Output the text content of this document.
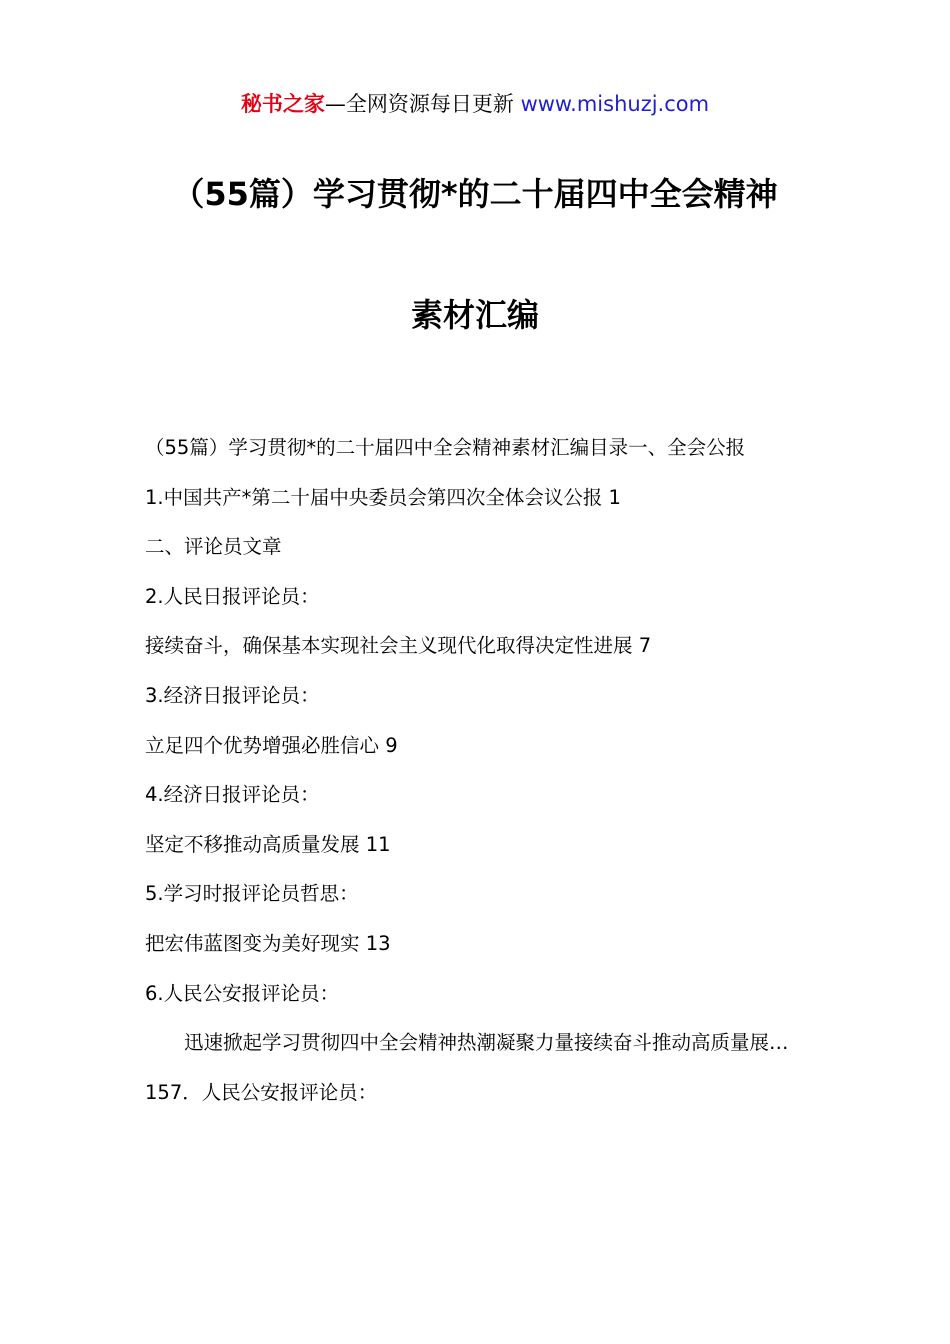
秘书之家—全网资源每日更新 www.mishuzj.com
（55篇）学习贯彻*的二十届四中全会精神
素材汇编

（55篇）学习贯彻*的二十届四中全会精神素材汇编目录一、全会公报

1.中国共产*第二十届中央委员会第四次全体会议公报 1

二、评论员文章

2.人民日报评论员：

接续奋斗，确保基本实现社会主义现代化取得决定性进展 7

3.经济日报评论员：

立足四个优势增强必胜信心 9

4.经济日报评论员：

坚定不移推动高质量发展 11

5.学习时报评论员哲思：

把宏伟蓝图变为美好现实 13

6.人民公安报评论员：

迅速掀起学习贯彻四中全会精神热潮凝聚力量接续奋斗推动高质量展…157．人民公安报评论员：
